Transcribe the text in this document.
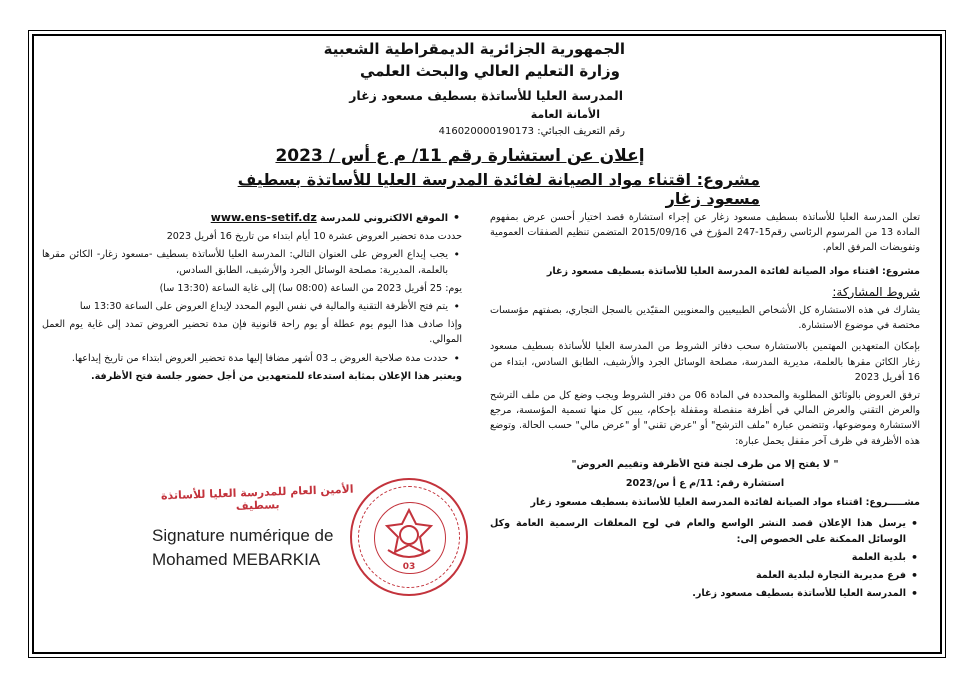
الجمهورية الجزائرية الديمقراطية الشعبية
وزارة التعليم العالي والبحث العلمي
المدرسة العليا للأساتذة بسطيف مسعود زغار
الأمانة العامة
رقم التعريف الجبائي: 416020000190173
إعلان عن استشارة رقم 11/ م ع أس / 2023
مشروع: اقتناء مواد الصيانة لفائدة المدرسة العليا للأساتذة بسطيف مسعود زغار

تعلن المدرسة العليا للأساتذة بسطيف مسعود زغار عن إجراء استشارة قصد اختيار أحسن عرض بمفهوم المادة 13 من المرسوم الرئاسي رقم15-247 المؤرخ في 2015/09/16 المتضمن تنظيم الصفقات العمومية وتفويضات المرفق العام.

مشروع: اقتناء مواد الصيانة لفائدة المدرسة العليا للأساتذة بسطيف مسعود زغار

شروط المشاركة:

يشارك في هذه الاستشارة كل الأشخاص الطبيعيين والمعنويين المقيّدين بالسجل التجاري، بصفتهم مؤسسات مختصة في موضوع الاستشارة.

بإمكان المتعهدين المهتمين بالاستشارة سحب دفاتر الشروط من المدرسة العليا للأساتذة بسطيف مسعود زغار الكائن مقرها بالعلمة، مديرية المدرسة، مصلحة الوسائل الجرد والأرشيف، الطابق السادس، ابتداء من 16 أفريل 2023

ترفق العروض بالوثائق المطلوبة والمحددة في المادة 06 من دفتر الشروط ويجب وضع كل من ملف الترشح والعرض التقني والعرض المالي في أظرفة منفصلة ومقفلة بإحكام، يبين كل منها تسمية المؤسسة، مرجع الاستشارة وموضوعها، وتتضمن عبارة "ملف الترشح" أو "عرض تقني" أو "عرض مالي" حسب الحالة. وتوضع هذه الأظرفة في ظرف آخر مقفل يحمل عبارة:

" لا يفتح إلا من طرف لجنة فتح الأظرفة وتقييم العروض"

استشارة رقم: 11/م ع أ س/2023

مشـــــروع: اقتناء مواد الصيانة لفائدة المدرسة العليا للأساتذة بسطيف مسعود زغار

• يرسل هذا الإعلان قصد النشر الواسع والعام في لوح المعلقات الرسمية العامة وكل الوسائل الممكنة على الخصوص إلى:
• بلدية العلمة
• فرع مديرية التجارة لبلدية العلمة
• المدرسة العليا للأساتذة بسطيف مسعود زغار.
• الموقع الالكتروني للمدرسة www.ens-setif.dz

حددت مدة تحضير العروض عشرة 10 أيام ابتداء من تاريخ 16 أفريل 2023

• يجب إيداع العروض على العنوان التالي: المدرسة العليا للأساتذة بسطيف -مسعود زغار- الكائن مقرها بالعلمة، المديرية: مصلحة الوسائل الجرد والأرشيف، الطابق السادس،

يوم: 25 أفريل 2023 من الساعة (08:00 سا) إلى غاية الساعة (13:30 سا)

• يتم فتح الأظرفة التقنية والمالية في نفس اليوم المحدد لإيداع العروض على الساعة 13:30 سا

وإذا صادف هذا اليوم يوم عطلة أو يوم راحة قانونية فإن مدة تحضير العروض تمدد إلى غاية يوم العمل الموالي.

• حددت مدة صلاحية العروض بـ 03 أشهر مضافا إليها مدة تحضير العروض ابتداء من تاريخ إيداعها.

ويعتبر هذا الإعلان بمثابة استدعاء للمتعهدين من أجل حضور جلسة فتح الأظرفة.

الأمين العام للمدرسة العليا للأساتذة بسطيف
03
Signature numérique de
Mohamed MEBARKIA
